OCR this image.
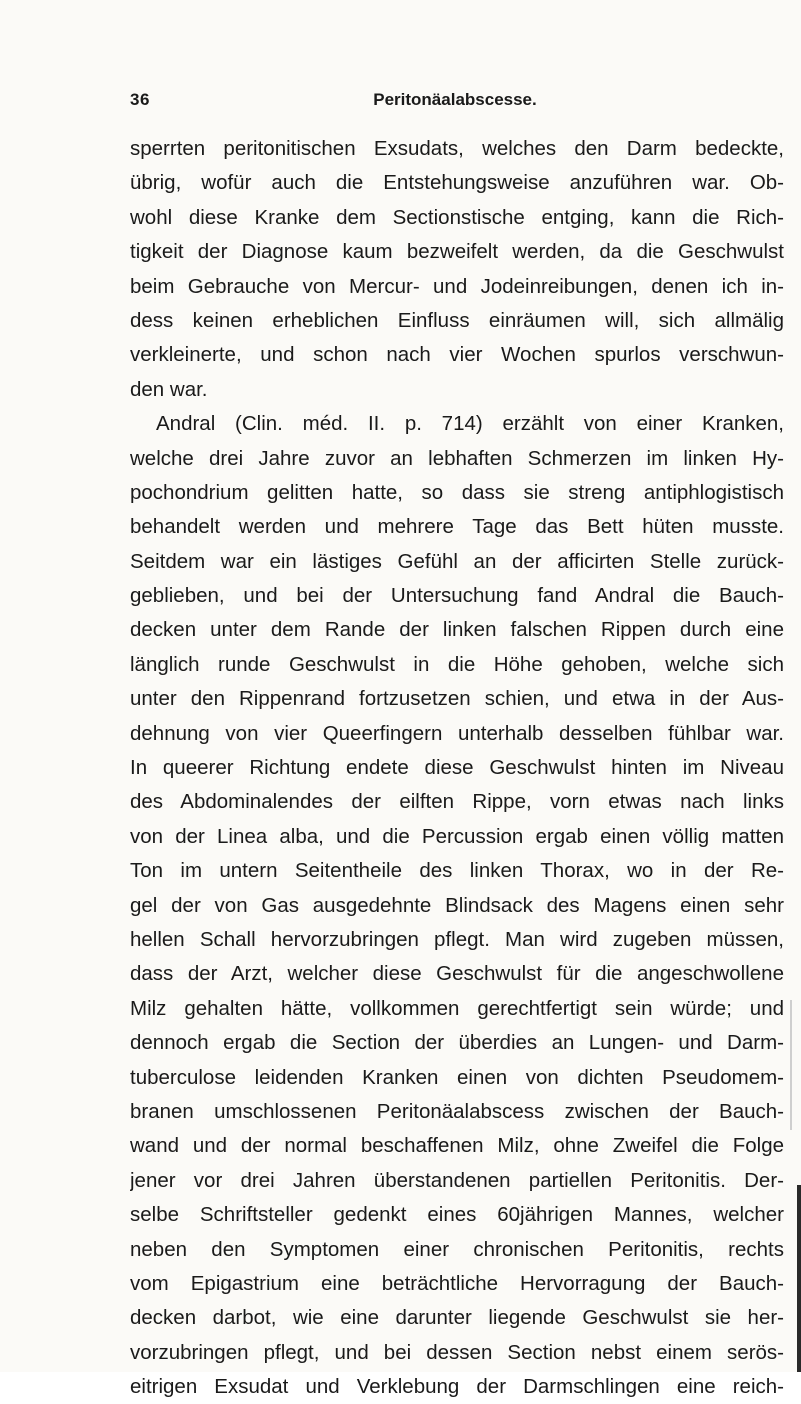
36	Peritonäalabscesse.
sperrten peritonitischen Exsudats, welches den Darm bedeckte,
übrig, wofür auch die Entstehungsweise anzuführen war. Ob-
wohl diese Kranke dem Sectionstische entging, kann die Rich-
tigkeit der Diagnose kaum bezweifelt werden, da die Geschwulst
beim Gebrauche von Mercur- und Jodeinreibungen, denen ich in-
dess keinen erheblichen Einfluss einräumen will, sich allmälig
verkleinerte, und schon nach vier Wochen spurlos verschwun-
den war.
Andral (Clin. méd. II. p. 714) erzählt von einer Kranken,
welche drei Jahre zuvor an lebhaften Schmerzen im linken Hy-
pochondrium gelitten hatte, so dass sie streng antiphlogistisch
behandelt werden und mehrere Tage das Bett hüten musste.
Seitdem war ein lästiges Gefühl an der afficirten Stelle zurück-
geblieben, und bei der Untersuchung fand Andral die Bauch-
decken unter dem Rande der linken falschen Rippen durch eine
länglich runde Geschwulst in die Höhe gehoben, welche sich
unter den Rippenrand fortzusetzen schien, und etwa in der Aus-
dehnung von vier Queerfingern unterhalb desselben fühlbar war.
In queerer Richtung endete diese Geschwulst hinten im Niveau
des Abdominalendes der eilften Rippe, vorn etwas nach links
von der Linea alba, und die Percussion ergab einen völlig matten
Ton im untern Seitentheile des linken Thorax, wo in der Re-
gel der von Gas ausgedehnte Blindsack des Magens einen sehr
hellen Schall hervorzubringen pflegt. Man wird zugeben müssen,
dass der Arzt, welcher diese Geschwulst für die angeschwollene
Milz gehalten hätte, vollkommen gerechtfertigt sein würde; und
dennoch ergab die Section der überdies an Lungen- und Darm-
tuberculose leidenden Kranken einen von dichten Pseudomem-
branen umschlossenen Peritonäalabscess zwischen der Bauch-
wand und der normal beschaffenen Milz, ohne Zweifel die Folge
jener vor drei Jahren überstandenen partiellen Peritonitis. Der-
selbe Schriftsteller gedenkt eines 60jährigen Mannes, welcher
neben den Symptomen einer chronischen Peritonitis, rechts
vom Epigastrium eine beträchtliche Hervorragung der Bauch-
decken darbot, wie eine darunter liegende Geschwulst sie her-
vorzubringen pflegt, und bei dessen Section nebst einem serös-
eitrigen Exsudat und Verklebung der Darmschlingen eine reich-
